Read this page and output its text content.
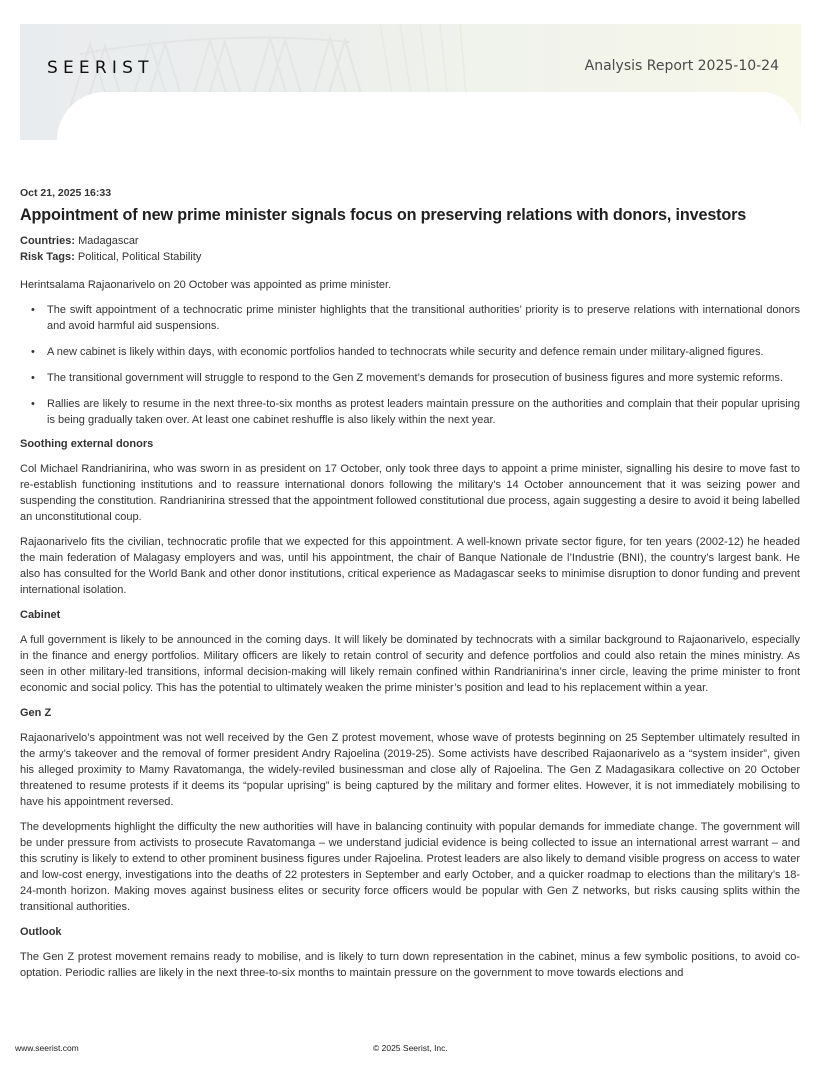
SEERIST	Analysis Report 2025-10-24
Oct 21, 2025 16:33
Appointment of new prime minister signals focus on preserving relations with donors, investors
Countries: Madagascar
Risk Tags: Political, Political Stability

Herintsalama Rajaonarivelo on 20 October was appointed as prime minister.

• The swift appointment of a technocratic prime minister highlights that the transitional authorities’ priority is to preserve relations with international donors and avoid harmful aid suspensions.
• A new cabinet is likely within days, with economic portfolios handed to technocrats while security and defence remain under military-aligned figures.
• The transitional government will struggle to respond to the Gen Z movement’s demands for prosecution of business figures and more systemic reforms.
• Rallies are likely to resume in the next three-to-six months as protest leaders maintain pressure on the authorities and complain that their popular uprising is being gradually taken over. At least one cabinet reshuffle is also likely within the next year.
Soothing external donors

Col Michael Randrianirina, who was sworn in as president on 17 October, only took three days to appoint a prime minister, signalling his desire to move fast to re-establish functioning institutions and to reassure international donors following the military’s 14 October announcement that it was seizing power and suspending the constitution. Randrianirina stressed that the appointment followed constitutional due process, again suggesting a desire to avoid it being labelled an unconstitutional coup.

Rajaonarivelo fits the civilian, technocratic profile that we expected for this appointment. A well-known private sector figure, for ten years (2002-12) he headed the main federation of Malagasy employers and was, until his appointment, the chair of Banque Nationale de l’Industrie (BNI), the country’s largest bank. He also has consulted for the World Bank and other donor institutions, critical experience as Madagascar seeks to minimise disruption to donor funding and prevent international isolation.

Cabinet

A full government is likely to be announced in the coming days. It will likely be dominated by technocrats with a similar background to Rajaonarivelo, especially in the finance and energy portfolios. Military officers are likely to retain control of security and defence portfolios and could also retain the mines ministry. As seen in other military-led transitions, informal decision-making will likely remain confined within Randrianirina’s inner circle, leaving the prime minister to front economic and social policy. This has the potential to ultimately weaken the prime minister’s position and lead to his replacement within a year.

Gen Z

Rajaonarivelo’s appointment was not well received by the Gen Z protest movement, whose wave of protests beginning on 25 September ultimately resulted in the army’s takeover and the removal of former president Andry Rajoelina (2019-25). Some activists have described Rajaonarivelo as a “system insider”, given his alleged proximity to Mamy Ravatomanga, the widely-reviled businessman and close ally of Rajoelina. The Gen Z Madagasikara collective on 20 October threatened to resume protests if it deems its “popular uprising” is being captured by the military and former elites. However, it is not immediately mobilising to have his appointment reversed.

The developments highlight the difficulty the new authorities will have in balancing continuity with popular demands for immediate change. The government will be under pressure from activists to prosecute Ravatomanga – we understand judicial evidence is being collected to issue an international arrest warrant – and this scrutiny is likely to extend to other prominent business figures under Rajoelina. Protest leaders are also likely to demand visible progress on access to water and low-cost energy, investigations into the deaths of 22 protesters in September and early October, and a quicker roadmap to elections than the military’s 18-24-month horizon. Making moves against business elites or security force officers would be popular with Gen Z networks, but risks causing splits within the transitional authorities.

Outlook

The Gen Z protest movement remains ready to mobilise, and is likely to turn down representation in the cabinet, minus a few symbolic positions, to avoid co-optation. Periodic rallies are likely in the next three-to-six months to maintain pressure on the government to move towards elections and

www.seerist.com	© 2025 Seerist, Inc.
